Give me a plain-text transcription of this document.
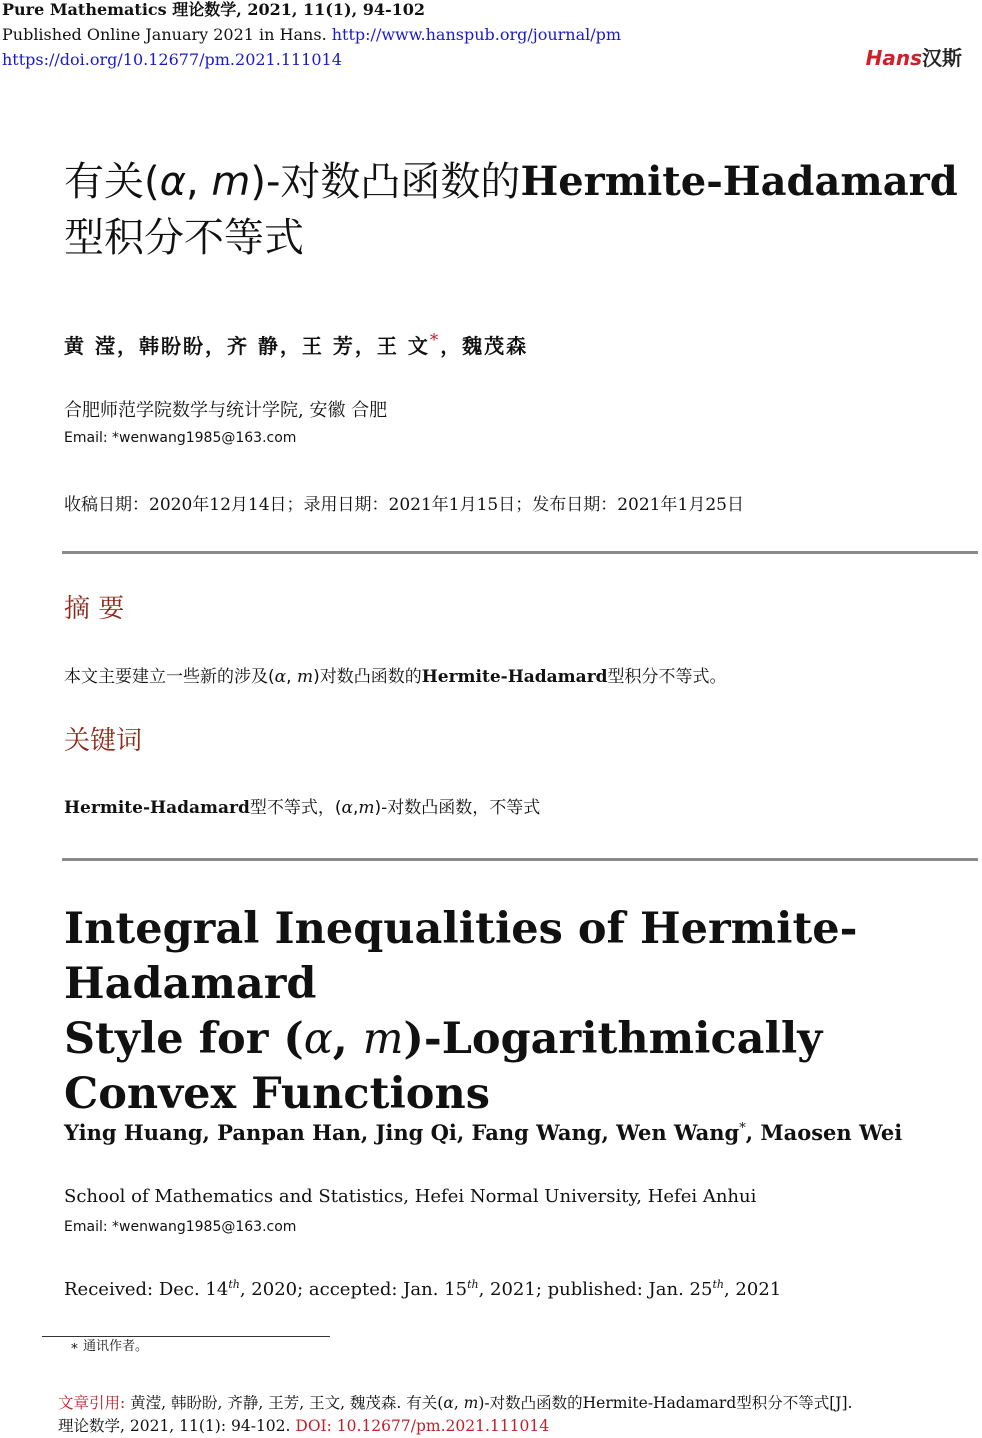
Pure Mathematics 理论数学, 2021, 11(1), 94-102
Published Online January 2021 in Hans. http://www.hanspub.org/journal/pm
https://doi.org/10.12677/pm.2021.111014	Hans汉斯
有关(α, m)-对数凸函数的Hermite-Hadamard
型积分不等式
黄 滢，韩盼盼，齐 静，王 芳，王 文*，魏茂森
合肥师范学院数学与统计学院, 安徽 合肥
Email: *wenwang1985@163.com
收稿日期：2020年12月14日；录用日期：2021年1月15日；发布日期：2021年1月25日
摘 要
本文主要建立一些新的涉及(α, m)对数凸函数的Hermite-Hadamard型积分不等式。
关键词
Hermite-Hadamard型不等式，(α,m)-对数凸函数，不等式
Integral Inequalities of Hermite-Hadamard
Style for (α, m)-Logarithmically
Convex Functions
Ying Huang, Panpan Han, Jing Qi, Fang Wang, Wen Wang*, Maosen Wei
School of Mathematics and Statistics, Hefei Normal University, Hefei Anhui
Email: *wenwang1985@163.com
Received: Dec. 14th, 2020; accepted: Jan. 15th, 2021; published: Jan. 25th, 2021
∗ 通讯作者。
文章引用: 黄滢, 韩盼盼, 齐静, 王芳, 王文, 魏茂森. 有关(α, m)-对数凸函数的Hermite-Hadamard型积分不等式[J].
理论数学, 2021, 11(1): 94-102. DOI: 10.12677/pm.2021.111014
